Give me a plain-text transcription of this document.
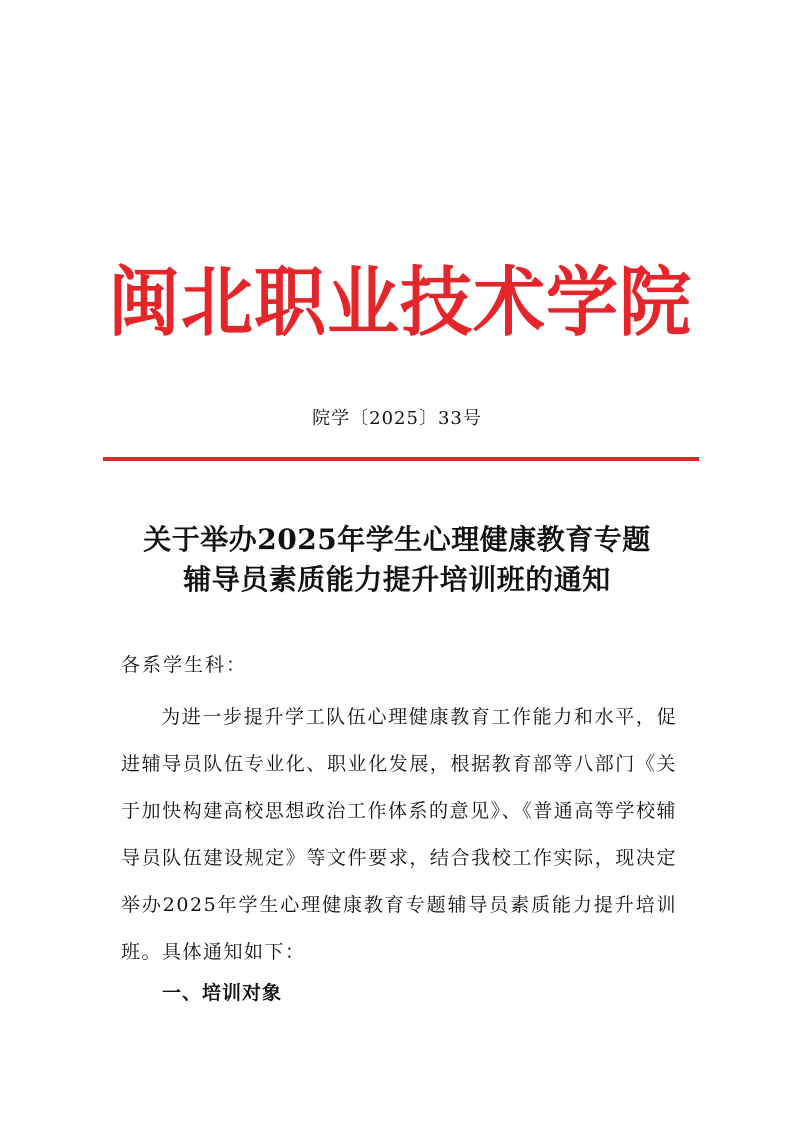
闽北职业技术学院
院学〔2025〕33号
关于举办2025年学生心理健康教育专题
辅导员素质能力提升培训班的通知
各系学生科：
为进一步提升学工队伍心理健康教育工作能力和水平，促进辅导员队伍专业化、职业化发展，根据教育部等八部门《关于加快构建高校思想政治工作体系的意见》、《普通高等学校辅导员队伍建设规定》等文件要求，结合我校工作实际，现决定举办2025年学生心理健康教育专题辅导员素质能力提升培训班。具体通知如下：
一、培训对象
